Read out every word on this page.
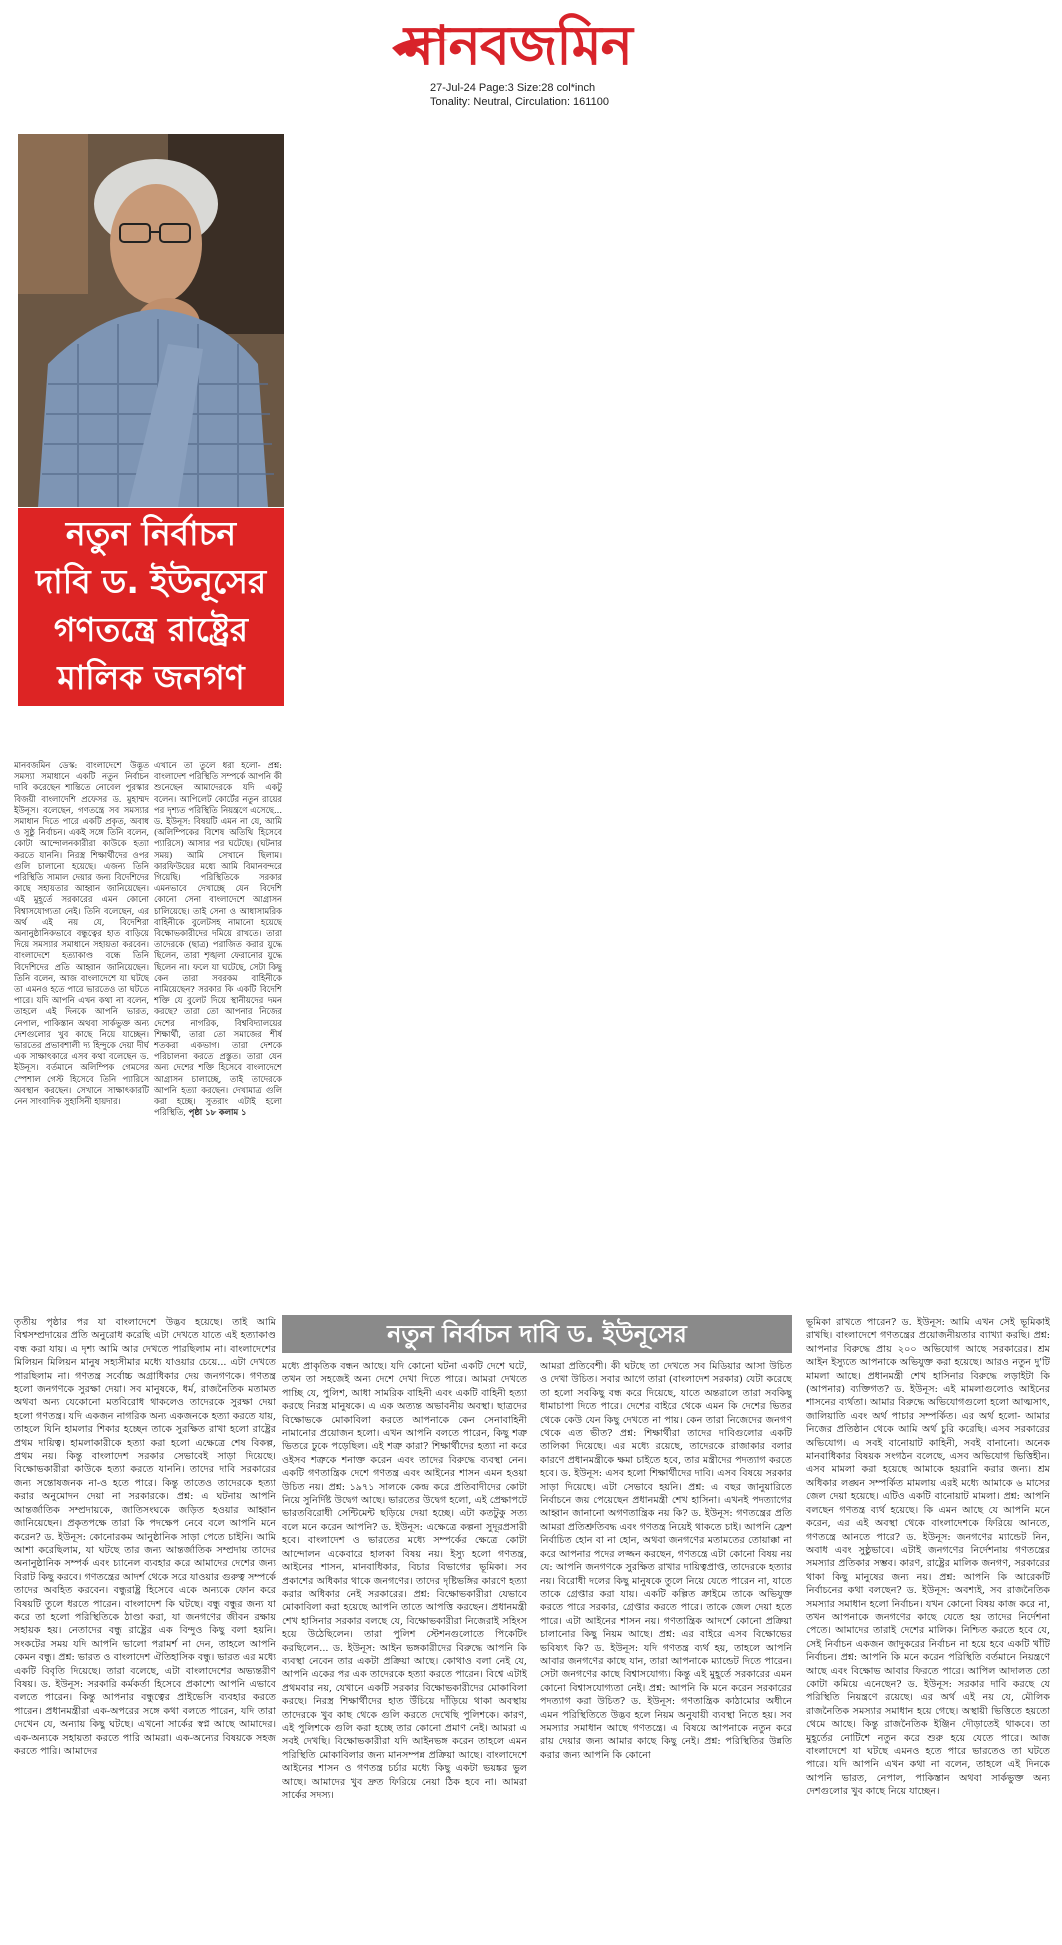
মানবজমিন
27-Jul-24 Page:3 Size:28 col*inch
Tonality: Neutral, Circulation: 161100
নতুন নির্বাচন
দাবি ড. ইউনূসের
গণতন্ত্রে রাষ্ট্রের
মালিক জনগণ
মানবজমিন ডেস্ক: বাংলাদেশে উদ্ভূত সমস্যা সমাধানে একটি নতুন নির্বাচন দাবি করেছেন শান্তিতে নোবেল পুরস্কার বিজয়ী বাংলাদেশি প্রফেসর ড. মুহাম্মদ ইউনূস। বলেছেন, গণতন্ত্রে সব সমস্যার সমাধান দিতে পারে একটি প্রকৃত, অবাধ ও সুষ্ঠু নির্বাচন। একই সঙ্গে তিনি বলেন, কোটা আন্দোলনকারীরা কাউকে হত্যা করতে যাননি। নিরস্ত্র শিক্ষার্থীদের ওপর গুলি চালানো হয়েছে। এজন্য তিনি পরিস্থিতি সামাল দেয়ার জন্য বিদেশিদের কাছে সহায়তার আহ্বান জানিয়েছেন। এই মুহূর্তে সরকারের এমন কোনো বিশ্বাসযোগ্যতা নেই। তিনি বলেছেন, এর অর্থ এই নয় যে, বিদেশিরা অনানুষ্ঠানিকভাবে বন্ধুত্বের হাত বাড়িয়ে দিয়ে সমস্যার সমাধানে সহায়তা করবেন। বাংলাদেশে হত্যাকাণ্ড বন্ধে তিনি বিদেশিদের প্রতি আহ্বান জানিয়েছেন। তিনি বলেন, আজ বাংলাদেশে যা ঘটছে তা এমনও হতে পারে ভারতেও তা ঘটতে পারে। যদি আপনি এখন কথা না বলেন, তাহলে এই দিনকে আপনি ভারত, নেপাল, পাকিস্তান অথবা সার্কভুক্ত অন্য দেশগুলোর খুব কাছে নিয়ে যাচ্ছেন। ভারতের প্রভাবশালী দ্য হিন্দুকে দেয়া দীর্ঘ এক সাক্ষাৎকারে এসব কথা বলেছেন ড. ইউনূস। বর্তমানে অলিম্পিক গেমসের স্পেশাল গেস্ট হিসেবে তিনি প্যারিসে অবস্থান করছেন। সেখানে সাক্ষাৎকারটি নেন সাংবাদিক সুহাসিনী হায়দার।
এখানে তা তুলে ধরা হলো- প্রশ্ন: বাংলাদেশ পরিস্থিতি সম্পর্কে আপনি কী শুনেছেন আমাদেরকে যদি একটু বলেন। আপিলেট কোর্টের নতুন রায়ের পর দৃশ্যত পরিস্থিতি নিয়ন্ত্রণে এসেছে... ড. ইউনূস: বিষয়টি এমন না যে, আমি (অলিম্পিকের বিশেষ অতিথি হিসেবে প্যারিসে) আসার পর ঘটেছে। (ঘটনার সময়) আমি সেখানে ছিলাম। কারফিউয়ের মধ্যে আমি বিমানবন্দরে গিয়েছি। পরিস্থিতিকে সরকার এমনভাবে দেখাচ্ছে যেন বিদেশি কোনো সেনা বাংলাদেশে আগ্রাসন চালিয়েছে। তাই সেনা ও আধাসামরিক বাহিনীকে বুলেটসহ নামানো হয়েছে বিক্ষোভকারীদের দমিয়ে রাখতে। তারা তাদেরকে (ছাত্র) পরাজিত করার যুদ্ধে ছিলেন, তারা শৃঙ্খলা ফেরানোর যুদ্ধে ছিলেন না। ফলে যা ঘটেছে, সেটা কিছু কেন তারা সবরকম বাহিনীকে নামিয়েছেন? সরকার কি একটি বিদেশি শক্তি যে বুলেট দিয়ে স্থানীয়দের দমন করছে? তারা তো আপনার নিজের দেশের নাগরিক, বিশ্ববিদ্যালয়ের শিক্ষার্থী, তারা তো সমাজের শীর্ষ শতকরা একভাগ। তারা দেশকে পরিচালনা করতে প্রস্তুত। তারা যেন অন্য দেশের শক্তি হিসেবে বাংলাদেশে আগ্রাসন চালাচ্ছে, তাই তাদেরকে আপনি হত্যা করছেন। দেখামাত্র গুলি করা হচ্ছে। সুতরাং এটাই হলো পরিস্থিতি, পৃষ্ঠা ১৮ কলাম ১
নতুন নির্বাচন দাবি ড. ইউনূসের
তৃতীয় পৃষ্ঠার পর যা বাংলাদেশে উদ্ভব হয়েছে। তাই আমি বিশ্বসম্প্রদায়ের প্রতি অনুরোধ করেছি এটা দেখতে যাতে এই হত্যাকাণ্ড বন্ধ করা যায়। এ দৃশ্য আমি আর দেখতে পারছিলাম না। বাংলাদেশের মিলিয়ন মিলিয়ন মানুষ সহ্যসীমার মধ্যে যাওয়ার চেয়ে... এটা দেখতে পারছিলাম না। গণতন্ত্র সর্বোচ্চ অগ্রাধিকার দেয় জনগণকে। গণতন্ত্র হলো জনগণকে সুরক্ষা দেয়া। সব মানুষকে, ধর্ম, রাজনৈতিক মতামত অথবা অন্য যেকোনো মতবিরোধ থাকলেও তাদেরকে সুরক্ষা দেয়া হলো গণতন্ত্র। যদি একজন নাগরিক অন্য একজনকে হত্যা করতে যায়, তাহলে যিনি হামলার শিকার হচ্ছেন তাকে সুরক্ষিত রাখা হলো রাষ্ট্রের প্রথম দায়িত্ব। হামলাকারীকে হত্যা করা হলো এক্ষেত্রে শেষ বিকল্প, প্রথম নয়। কিন্তু বাংলাদেশ সরকার সেভাবেই সাড়া দিয়েছে। বিক্ষোভকারীরা কাউকে হত্যা করতে যাননি। তাদের দাবি সরকারের জন্য সন্তোষজনক না-ও হতে পারে। কিন্তু তাতেও তাদেরকে হত্যা করার অনুমোদন দেয়া না সরকারকে। প্রশ্ন: এ ঘটনায় আপনি আন্তর্জাতিক সম্প্রদায়কে, জাতিসংঘকে জড়িত হওয়ার আহ্বান জানিয়েছেন। প্রকৃতপক্ষে তারা কি পদক্ষেপ নেবে বলে আপনি মনে করেন? ড. ইউনূস: কোনোরকম আনুষ্ঠানিক সাড়া পেতে চাইনি। আমি আশা করেছিলাম, যা ঘটছে তার জন্য আন্তর্জাতিক সম্প্রদায় তাদের অনানুষ্ঠানিক সম্পর্ক এবং চ্যানেল ব্যবহার করে আমাদের দেশের জন্য বিরাট কিছু করবে। গণতন্ত্রের আদর্শ থেকে সরে যাওয়ার গুরুত্ব সম্পর্কে তাদের অবহিত করবেন। বন্ধুরাষ্ট্র হিসেবে একে অন্যকে ফোন করে বিষয়টি তুলে ধরতে পারেন। বাংলাদেশ কি ঘটছে। বন্ধু বন্ধুর জন্য যা করে তা হলো পরিস্থিতিকে ঠাণ্ডা করা, যা জনগণের জীবন রক্ষায় সহায়ক হয়। নেতাদের বন্ধু রাষ্ট্রের এক বিন্দুও কিছু বলা হয়নি। সংকটের সময় যদি আপনি ভালো পরামর্শ না দেন, তাহলে আপনি কেমন বন্ধু। প্রশ্ন: ভারত ও বাংলাদেশ ঐতিহাসিক বন্ধু। ভারত এর মধ্যে একটি বিবৃতি দিয়েছে। তারা বলেছে, এটা বাংলাদেশের অভ্যন্তরীণ বিষয়। ড. ইউনূস: সরকারি কর্মকর্তা হিসেবে প্রকাশ্যে আপনি এভাবে বলতে পারেন। কিন্তু আপনার বন্ধুত্বের প্রাইভেসি ব্যবহার করতে পারেন। প্রধানমন্ত্রীরা এক-অপরের সঙ্গে কথা বলতে পারেন, যদি তারা দেখেন যে, অন্যায় কিছু ঘটছে। এখনো সার্কের স্বপ্ন আছে আমাদের। এক-অন্যকে সহায়তা করতে পারি আমরা। এক-অন্যের বিষয়কে সহজ করতে পারি। আমাদের
মধ্যে প্রাকৃতিক বন্ধন আছে। যদি কোনো ঘটনা একটি দেশে ঘটে, তখন তা সহজেই অন্য দেশে দেখা দিতে পারে। আমরা দেখতে পাচ্ছি যে, পুলিশ, আধা সামরিক বাহিনী এবং একটি বাহিনী হত্যা করছে নিরস্ত্র মানুষকে। এ এক অত্যন্ত অভাবনীয় অবস্থা। ছাত্রদের বিক্ষোভকে মোকাবিলা করতে আপনাকে কেন সেনাবাহিনী নামানোর প্রয়োজন হলো। এখন আপনি বলতে পারেন, কিছু শত্রু ভিতরে ঢুকে পড়েছিল। এই শত্রু কারা? শিক্ষার্থীদের হত্যা না করে ওইসব শত্রুকে শনাক্ত করেন এবং তাদের বিরুদ্ধে ব্যবস্থা নেন। একটি গণতান্ত্রিক দেশে গণতন্ত্র এবং আইনের শাসন এমন হওয়া উচিত নয়। প্রশ্ন: ১৯৭১ সালকে কেন্দ্র করে প্রতিবাদীদের কোটা নিয়ে সুনির্দিষ্ট উদ্বেগ আছে। ভারতের উদ্বেগ হলো, এই প্রেক্ষাপটে ভারতবিরোধী সেন্টিমেন্ট ছড়িয়ে দেয়া হচ্ছে। এটা কতটুকু সত্য বলে মনে করেন আপনি? ড. ইউনূস: এক্ষেত্রে কল্পনা সুদূরপ্রসারী হবে। বাংলাদেশ ও ভারতের মধ্যে সম্পর্কের ক্ষেত্রে কোটা আন্দোলন একেবারে হালকা বিষয় নয়। ইস্যু হলো গণতন্ত্র, আইনের শাসন, মানবাধিকার, বিচার বিভাগের ভূমিকা। সব প্রকাশের অধিকার থাকে জনগণের। তাদের দৃষ্টিভঙ্গির কারণে হত্যা করার অধিকার নেই সরকারের। প্রশ্ন: বিক্ষোভকারীরা যেভাবে মোকাবিলা করা হয়েছে আপনি তাতে আপত্তি করছেন। প্রধানমন্ত্রী শেখ হাসিনার সরকার বলছে যে, বিক্ষোভকারীরা নিজেরাই সহিংস হয়ে উঠেছিলেন। তারা পুলিশ স্টেশনগুলোতে পিকেটিং করছিলেন... ড. ইউনূস: আইন ভঙ্গকারীদের বিরুদ্ধে আপনি কি ব্যবস্থা নেবেন তার একটা প্রক্রিয়া আছে। কোথাও বলা নেই যে, আপনি একের পর এক তাদেরকে হত্যা করতে পারেন। বিশ্বে এটাই প্রথমবার নয়, যেখানে একটি সরকার বিক্ষোভকারীদের মোকাবিলা করছে। নিরস্ত্র শিক্ষার্থীদের হাত উঁচিয়ে দাঁড়িয়ে থাকা অবস্থায় তাদেরকে খুব কাছ থেকে গুলি করতে দেখেছি পুলিশকে। কারণ, এই পুলিশকে গুলি করা হচ্ছে তার কোনো প্রমাণ নেই। আমরা এ সবই দেখছি। বিক্ষোভকারীরা যদি আইনভঙ্গ করেন তাহলে এমন পরিস্থিতি মোকাবিলার জন্য মানসম্পন্ন প্রক্রিয়া আছে। বাংলাদেশে আইনের শাসন ও গণতন্ত্র চর্চার মধ্যে কিছু একটা ভয়ঙ্কর ভুল আছে। আমাদের খুব দ্রুত ফিরিয়ে নেয়া ঠিক হবে না। আমরা সার্কের সদস্য।
আমরা প্রতিবেশী। কী ঘটছে তা দেখতে সব মিডিয়ার আসা উচিত ও দেখা উচিত। সবার আগে তারা (বাংলাদেশ সরকার) যেটা করেছে তা হলো সবকিছু বন্ধ করে দিয়েছে, যাতে অন্তরালে তারা সবকিছু ধামাচাপা দিতে পারে। দেশের বাইরে থেকে এমন কি দেশের ভিতর থেকে কেউ যেন কিছু দেখতে না পায়। কেন তারা নিজেদের জনগণ থেকে এত ভীত? প্রশ্ন: শিক্ষার্থীরা তাদের দাবিগুলোর একটি তালিকা দিয়েছে। এর মধ্যে রয়েছে, তাদেরকে রাজাকার বলার কারণে প্রধানমন্ত্রীকে ক্ষমা চাইতে হবে, তার মন্ত্রীদের পদত্যাগ করতে হবে। ড. ইউনূস: এসব হলো শিক্ষার্থীদের দাবি। এসব বিষয়ে সরকার সাড়া দিয়েছে। এটা সেভাবে হয়নি। প্রশ্ন: এ বছর জানুয়ারিতে নির্বাচনে জয় পেয়েছেন প্রধানমন্ত্রী শেখ হাসিনা। এখনই পদত্যাগের আহ্বান জানানো অগণতান্ত্রিক নয় কি? ড. ইউনূস: গণতন্ত্রের প্রতি আমরা প্রতিশ্রুতিবদ্ধ এবং গণতন্ত্র নিয়েই থাকতে চাই। আপনি ফ্রেশ নির্বাচিত হোন বা না হোন, অথবা জনগণের মতামতের তোয়াক্কা না করে আপনার পদের লজ্জন করছেন, গণতন্ত্রে এটা কোনো বিষয় নয় যে: আপনি জনগণকে সুরক্ষিত রাখার দায়িত্বপ্রাপ্ত, তাদেরকে হত্যার নয়। বিরোধী দলের কিছু মানুষকে তুলে নিয়ে যেতে পারেন না, যাতে তাকে গ্রেপ্তার করা যায়। একটি কল্পিত ক্রাইমে তাকে অভিযুক্ত করতে পারে সরকার, গ্রেপ্তার করতে পারে। তাকে জেল দেয়া হতে পারে। এটা আইনের শাসন নয়। গণতান্ত্রিক আদর্শে কোনো প্রক্রিয়া চালানোর কিছু নিয়ম আছে। প্রশ্ন: এর বাইরে এসব বিক্ষোভের ভবিষ্যৎ কি? ড. ইউনূস: যদি গণতন্ত্র ব্যর্থ হয়, তাহলে আপনি আবার জনগণের কাছে যান, তারা আপনাকে ম্যান্ডেট দিতে পারেন। সেটা জনগণের কাছে বিশ্বাসযোগ্য। কিন্তু এই মুহূর্তে সরকারের এমন কোনো বিশ্বাসযোগ্যতা নেই। প্রশ্ন: আপনি কি মনে করেন সরকারের পদত্যাগ করা উচিত? ড. ইউনূস: গণতান্ত্রিক কাঠামোর অধীনে এমন পরিস্থিতিতে উদ্ভব হলে নিয়ম অনুযায়ী ব্যবস্থা নিতে হয়। সব সমস্যার সমাধান আছে গণতন্ত্রে। এ বিষয়ে আপনাকে নতুন করে রায় দেয়ার জন্য আমার কাছে কিছু নেই। প্রশ্ন: পরিস্থিতির উন্নতি করার জন্য আপনি কি কোনো
ভূমিকা রাখতে পারেন? ড. ইউনূস: আমি এখন সেই ভূমিকাই রাখছি। বাংলাদেশে গণতন্ত্রের প্রয়োজনীয়তার ব্যাখ্যা করছি। প্রশ্ন: আপনার বিরুদ্ধে প্রায় ২০০ অভিযোগ আছে সরকারের। শ্রম আইন ইস্যুতে আপনাকে অভিযুক্ত করা হয়েছে। আরও নতুন দু'টি মামলা আছে। প্রধানমন্ত্রী শেখ হাসিনার বিরুদ্ধে লড়াইটা কি (আপনার) ব্যক্তিগত? ড. ইউনূস: এই মামলাগুলোও আইনের শাসনের ব্যর্থতা। আমার বিরুদ্ধে অভিযোগগুলো হলো আত্মসাৎ, জালিয়াতি এবং অর্থ পাচার সম্পর্কিত। এর অর্থ হলো- আমার নিজের প্রতিষ্ঠান থেকে আমি অর্থ চুরি করেছি। এসব সরকারের অভিযোগ। এ সবই বানোয়াট কাহিনী, সবই বানানো। অনেক মানবাধিকার বিষয়ক সংগঠন বলেছে, এসব অভিযোগ ভিত্তিহীন। এসব মামলা করা হয়েছে আমাকে হয়রানি করার জন্য। শ্রম অধিকার লঙ্ঘন সম্পর্কিত মামলায় এরই মধ্যে আমাকে ৬ মাসের জেল দেয়া হয়েছে। এটিও একটি বানোয়াট মামলা। প্রশ্ন: আপনি বলছেন গণতন্ত্র ব্যর্থ হয়েছে। কি এমন আছে যে আপনি মনে করেন, এর এই অবস্থা থেকে বাংলাদেশকে ফিরিয়ে আনতে, গণতন্ত্রে আনতে পারে? ড. ইউনূস: জনগণের ম্যান্ডেট নিন, অবাধ এবং সুষ্ঠুভাবে। এটাই জনগণের নির্দেশনায় গণতন্ত্রের সমস্যার প্রতিকার সম্ভব। কারণ, রাষ্ট্রের মালিক জনগণ, সরকারের থাকা কিছু মানুষের জন্য নয়। প্রশ্ন: আপনি কি আরেকটি নির্বাচনের কথা বলছেন? ড. ইউনূস: অবশ্যই, সব রাজনৈতিক সমস্যার সমাধান হলো নির্বাচন। যখন কোনো বিষয় কাজ করে না, তখন আপনাকে জনগণের কাছে যেতে হয় তাদের নির্দেশনা পেতে। আমাদের তারাই দেশের মালিক। নিশ্চিত করতে হবে যে, সেই নির্বাচন একজন জাদুকরের নির্বাচন না হয়ে হবে একটি খাঁটি নির্বাচন। প্রশ্ন: আপনি কি মনে করেন পরিস্থিতি বর্তমানে নিয়ন্ত্রণে আছে এবং বিক্ষোভ আবার ফিরতে পারে। আপিল আদালত তো কোটা কমিয়ে এনেছেন? ড. ইউনূস: সরকার দাবি করছে যে পরিস্থিতি নিয়ন্ত্রণে রয়েছে। এর অর্থ এই নয় যে, মৌলিক রাজনৈতিক সমস্যার সমাধান হয়ে গেছে। অস্থায়ী ভিত্তিতে হয়তো থেমে আছে। কিন্তু রাজনৈতিক ইঞ্জিন দৌড়াতেই থাকবে। তা মুহূর্তের নোটিশে নতুন করে শুরু হয়ে যেতে পারে। আজ বাংলাদেশে যা ঘটছে এমনও হতে পারে ভারতেও তা ঘটতে পারে। যদি আপনি এখন কথা না বলেন, তাহলে এই দিনকে আপনি ভারত, নেপাল, পাকিস্তান অথবা সার্কভুক্ত অন্য দেশগুলোর খুব কাছে নিয়ে যাচ্ছেন।
